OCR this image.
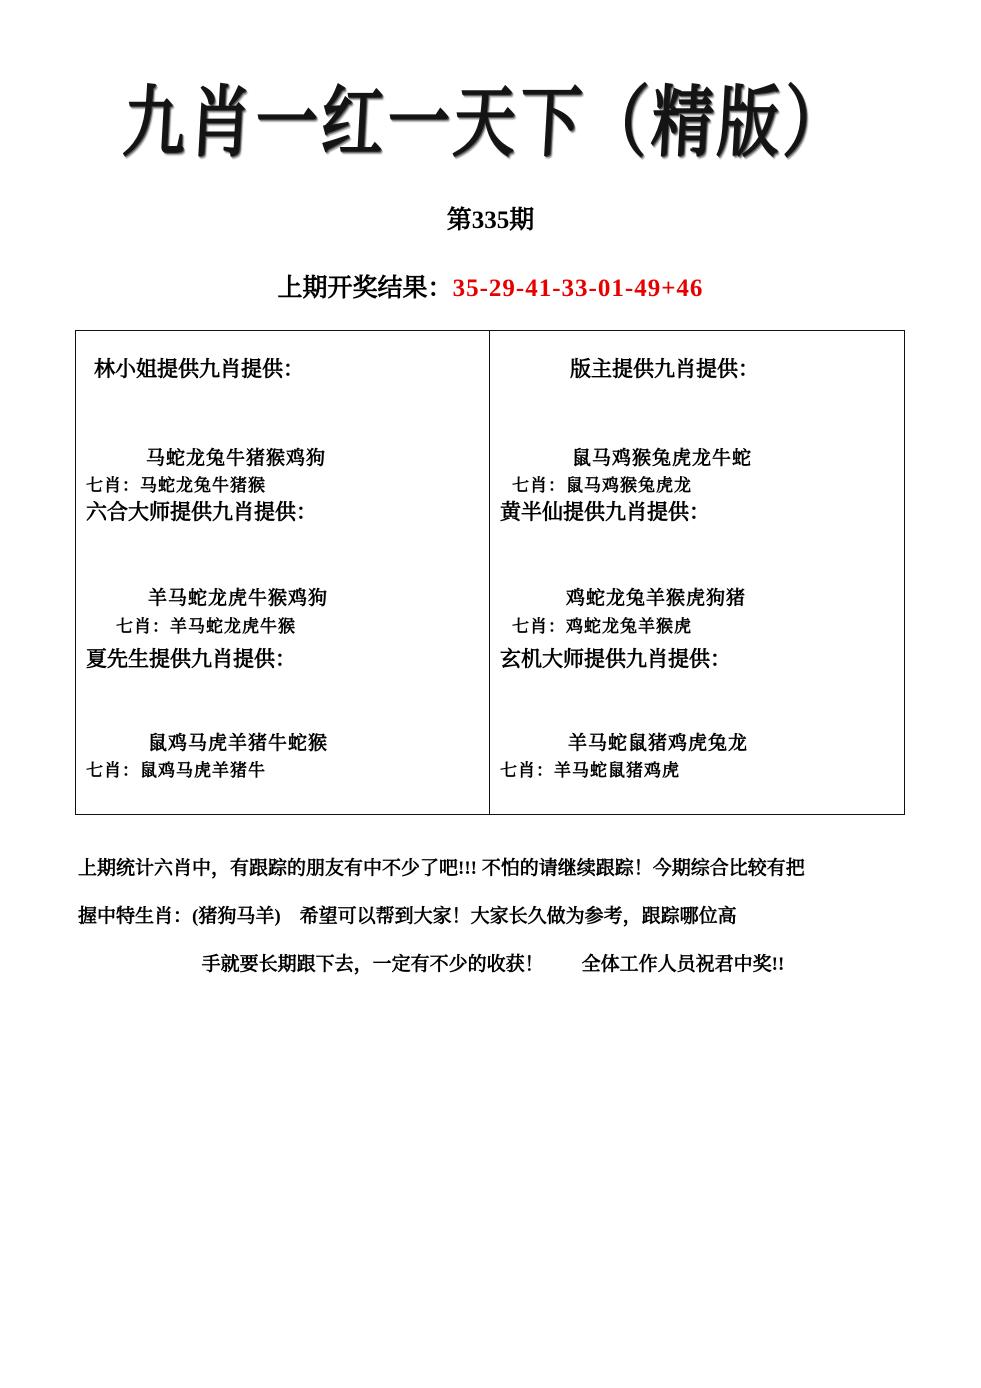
九肖一红一天下（精版）
第335期
上期开奖结果：35-29-41-33-01-49+46
林小姐提供九肖提供：
马蛇龙兔牛猪猴鸡狗
七肖：马蛇龙兔牛猪猴
六合大师提供九肖提供：
羊马蛇龙虎牛猴鸡狗
七肖：羊马蛇龙虎牛猴
夏先生提供九肖提供：
鼠鸡马虎羊猪牛蛇猴
七肖：鼠鸡马虎羊猪牛
版主提供九肖提供：
鼠马鸡猴兔虎龙牛蛇
七肖：鼠马鸡猴兔虎龙
黄半仙提供九肖提供：
鸡蛇龙兔羊猴虎狗猪
七肖：鸡蛇龙兔羊猴虎
玄机大师提供九肖提供：
羊马蛇鼠猪鸡虎兔龙
七肖：羊马蛇鼠猪鸡虎
上期统计六肖中，有跟踪的朋友有中不少了吧!!! 不怕的请继续跟踪！今期综合比较有把
握中特生肖：(猪狗马羊)　希望可以帮到大家！大家长久做为参考，跟踪哪位高
手就要长期跟下去，一定有不少的收获！　　全体工作人员祝君中奖!!
